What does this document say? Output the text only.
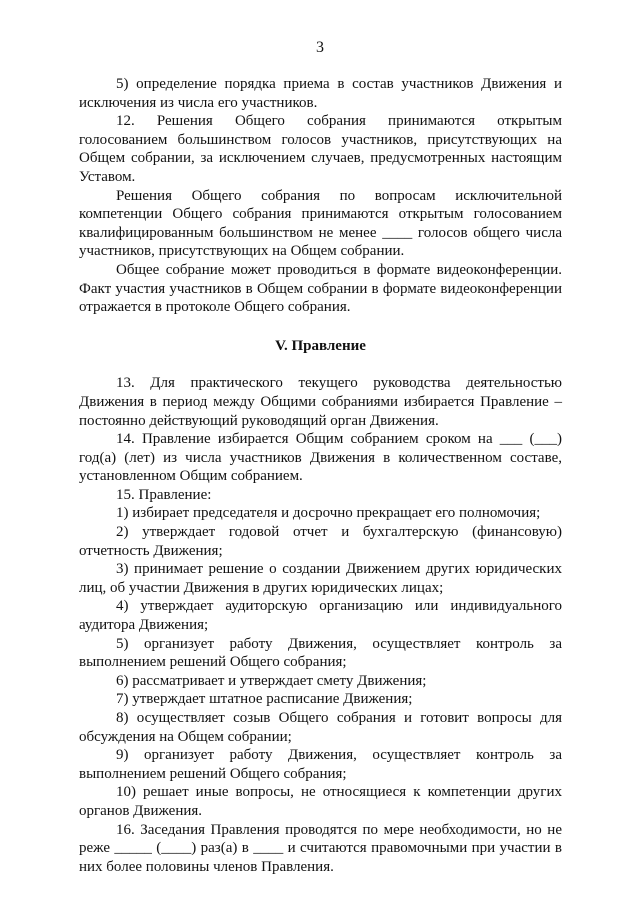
3

5) определение порядка приема в состав участников Движения и исключения из числа его участников.

12. Решения Общего собрания принимаются открытым голосованием большинством голосов участников, присутствующих на Общем собрании, за исключением случаев, предусмотренных настоящим Уставом.

Решения Общего собрания по вопросам исключительной компетенции Общего собрания принимаются открытым голосованием квалифицированным большинством не менее ____ голосов общего числа участников, присутствующих на Общем собрании.

Общее собрание может проводиться в формате видеоконференции. Факт участия участников в Общем собрании в формате видеоконференции отражается в протоколе Общего собрания.

V. Правление

13. Для практического текущего руководства деятельностью Движения в период между Общими собраниями избирается Правление – постоянно действующий руководящий орган Движения.

14. Правление избирается Общим собранием сроком на ___ (___) год(а) (лет) из числа участников Движения в количественном составе, установленном Общим собранием.

15. Правление:

1) избирает председателя и досрочно прекращает его полномочия;

2) утверждает годовой отчет и бухгалтерскую (финансовую) отчетность Движения;

3) принимает решение о создании Движением других юридических лиц, об участии Движения в других юридических лицах;

4) утверждает аудиторскую организацию или индивидуального аудитора Движения;

5) организует работу Движения, осуществляет контроль за выполнением решений Общего собрания;

6) рассматривает и утверждает смету Движения;

7) утверждает штатное расписание Движения;

8) осуществляет созыв Общего собрания и готовит вопросы для обсуждения на Общем собрании;

9) организует работу Движения, осуществляет контроль за выполнением решений Общего собрания;

10) решает иные вопросы, не относящиеся к компетенции других органов Движения.

16. Заседания Правления проводятся по мере необходимости, но не реже _____ (____) раз(а) в ____ и считаются правомочными при участии в них более половины членов Правления.
